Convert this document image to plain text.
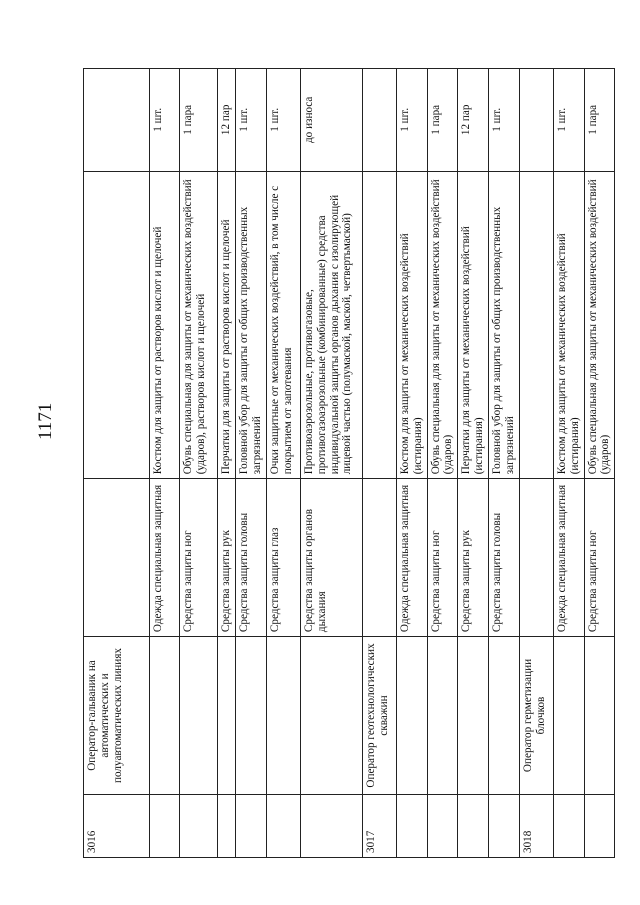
1171
3016	Оператор-гальваник на автоматических и полуавтоматических линиях			
		Одежда специальная защитная	Костюм для защиты от растворов кислот и щелочей	1 шт.
		Средства защиты ног	Обувь специальная для защиты от механических воздействий (ударов), растворов кислот и щелочей	1 пара
		Средства защиты рук	Перчатки для защиты от растворов кислот и щелочей	12 пар
		Средства защиты головы	Головной убор для защиты от общих производственных загрязнений	1 шт.
		Средства защиты глаз	Очки защитные от механических воздействий, в том числе с покрытием от запотевания	1 шт.
		Средства защиты органов дыхания	Противоаэрозольные, противогазовые, противогазоаэрозольные (комбинированные) средства индивидуальной защиты органов дыхания с изолирующей лицевой частью (полумаской, маской, четвертьмаской)	до износа
3017	Оператор геотехнологических скважин			
		Одежда специальная защитная	Костюм для защиты от механических воздействий (истирания)	1 шт.
		Средства защиты ног	Обувь специальная для защиты от механических воздействий (ударов)	1 пара
		Средства защиты рук	Перчатки для защиты от механических воздействий (истирания)	12 пар
		Средства защиты головы	Головной убор для защиты от общих производственных загрязнений	1 шт.
3018	Оператор герметизации блочков			
		Одежда специальная защитная	Костюм для защиты от механических воздействий (истирания)	1 шт.
		Средства защиты ног	Обувь специальная для защиты от механических воздействий (ударов)	1 пара
